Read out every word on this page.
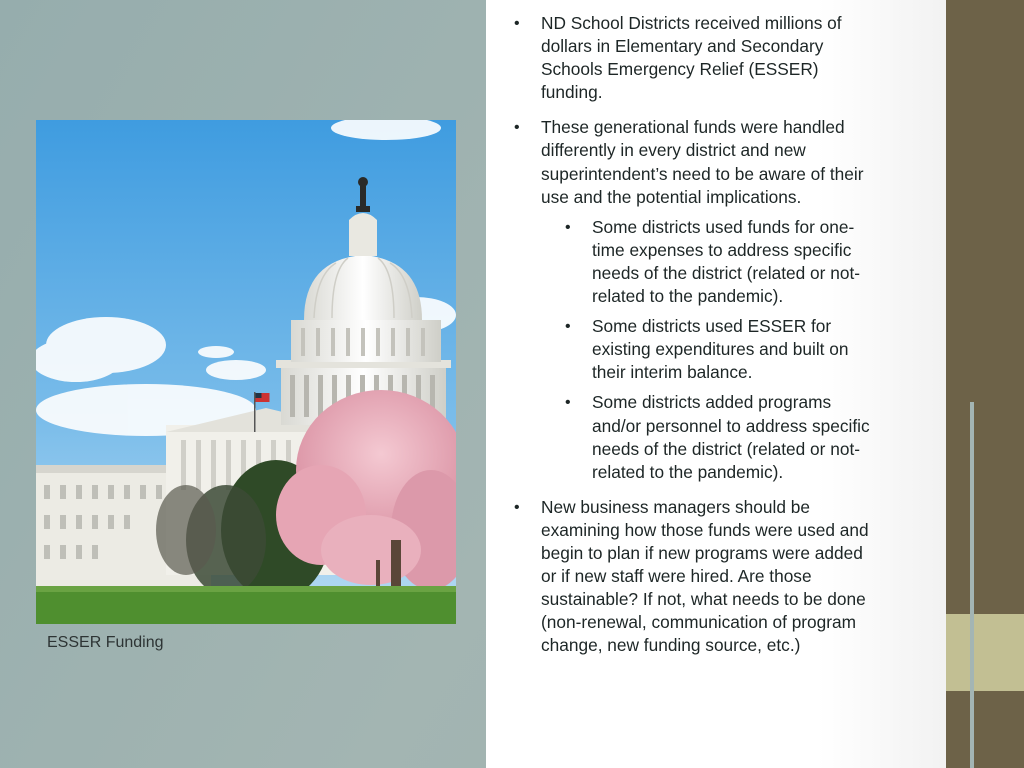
ESSER Funding
• ND School Districts received millions of dollars in Elementary and Secondary Schools Emergency Relief (ESSER) funding.
• These generational funds were handled differently in every district and new superintendent’s need to be aware of their use and the potential implications.
• Some districts used funds for one-time expenses to address specific needs of the district (related or not-related to the pandemic).
• Some districts used ESSER for existing expenditures and built on their interim balance.
• Some districts added programs and/or personnel to address specific needs of the district (related or not-related to the pandemic).
• New business managers should be examining how those funds were used and begin to plan if new programs were added or if new staff were hired. Are those sustainable? If not, what needs to be done (non-renewal, communication of program change, new funding source, etc.)
